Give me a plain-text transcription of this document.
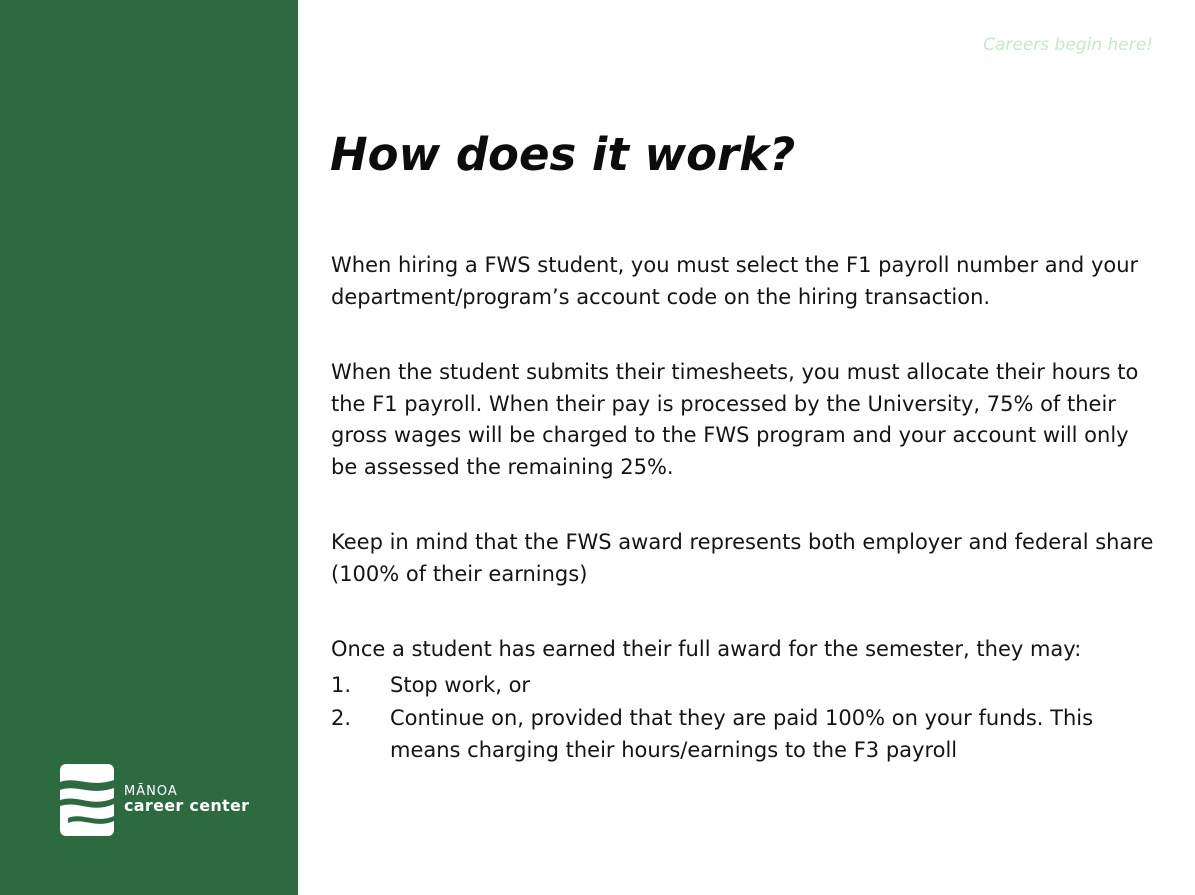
MĀNOA
career center
Careers begin here!
How does it work?

When hiring a FWS student, you must select the F1 payroll number and your department/program’s account code on the hiring transaction.

When the student submits their timesheets, you must allocate their hours to the F1 payroll. When their pay is processed by the University, 75% of their gross wages will be charged to the FWS program and your account will only be assessed the remaining 25%.

Keep in mind that the FWS award represents both employer and federal share (100% of their earnings)

Once a student has earned their full award for the semester, they may:

1.	Stop work, or
2.	Continue on, provided that they are paid 100% on your funds. This means charging their hours/earnings to the F3 payroll
